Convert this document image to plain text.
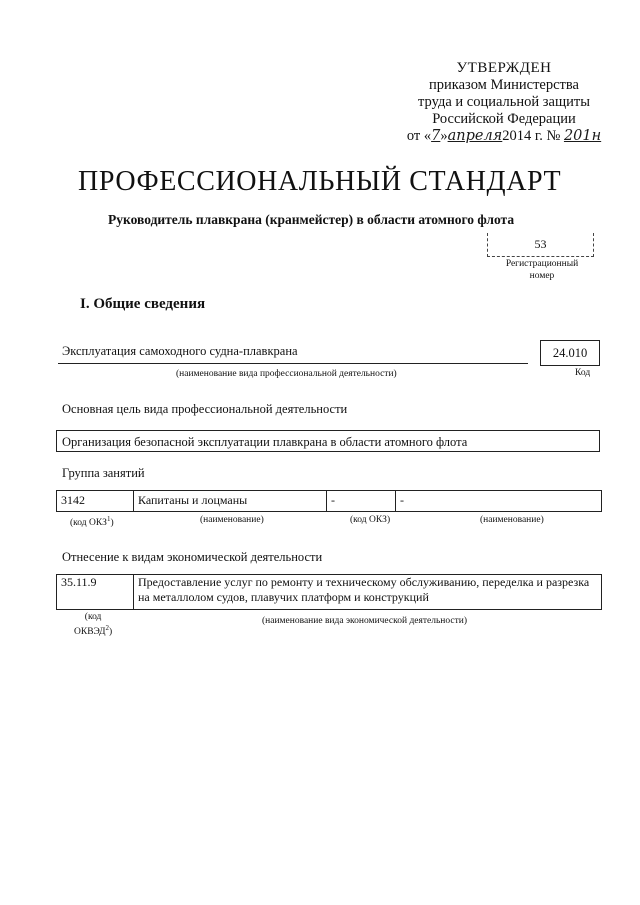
УТВЕРЖДЕН
приказом Министерства
труда и социальной защиты
Российской Федерации
от «7»апреля2014 г. № 201н
ПРОФЕССИОНАЛЬНЫЙ СТАНДАРТ
Руководитель плавкрана (кранмейстер) в области атомного флота
53
Регистрационный
номер
I. Общие сведения
Эксплуатация самоходного судна-плавкрана
(наименование вида профессиональной деятельности)
24.010
Код
Основная цель вида профессиональной деятельности
Организация безопасной эксплуатации плавкрана в области атомного флота
Группа занятий
3142	Капитаны и лоцманы	-	-
(код ОКЗ$^1$)	(наименование)	(код ОКЗ)	(наименование)
Отнесение к видам экономической деятельности
35.11.9	Предоставление услуг по ремонту и техническому обслуживанию, переделка и разрезка на металлолом судов, плавучих платформ и конструкций
(код
ОКВЭД$^2$)
(наименование вида экономической деятельности)
